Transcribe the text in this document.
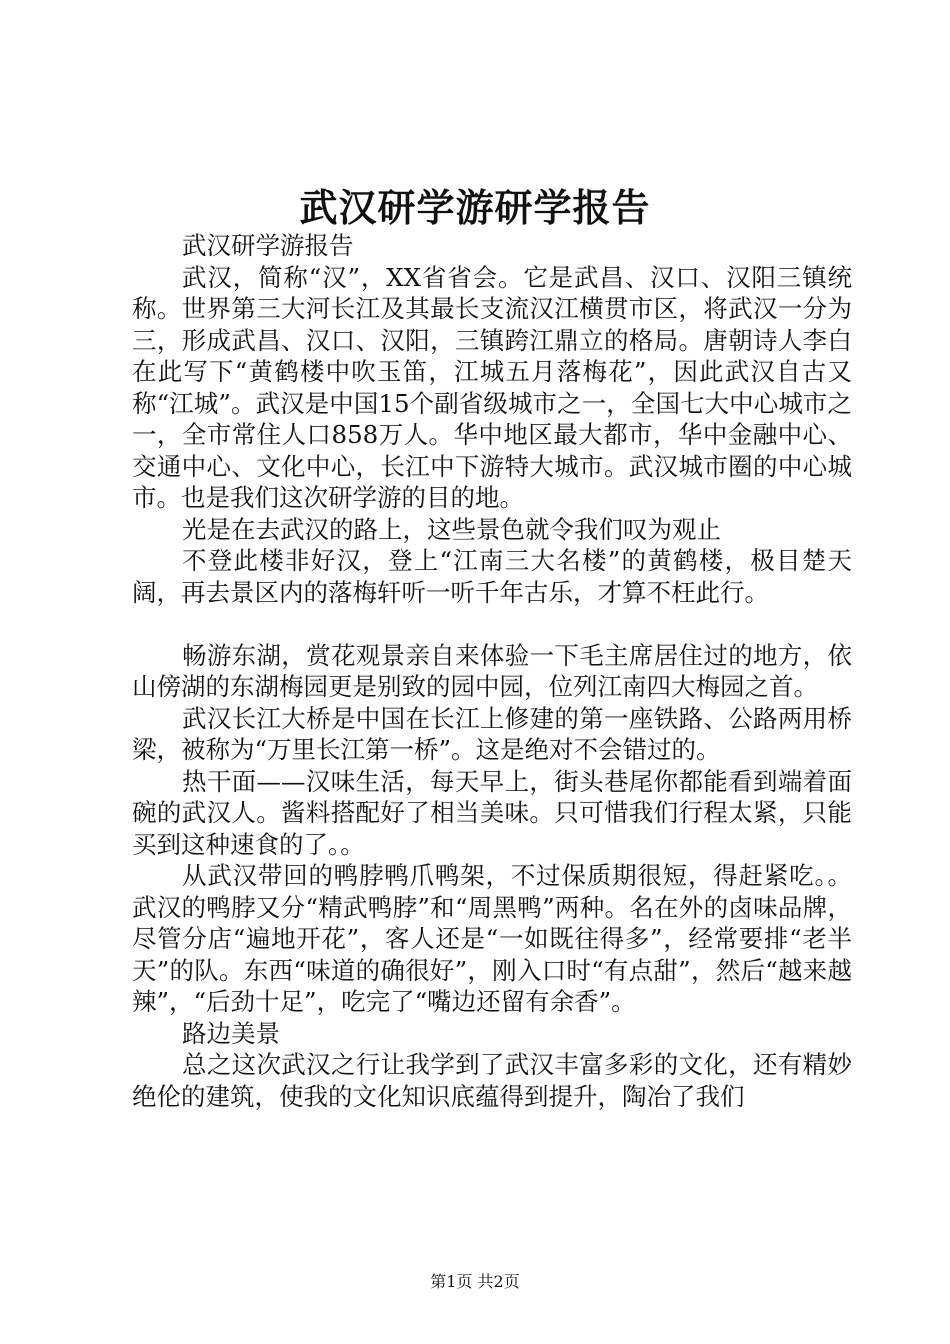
武汉研学游研学报告

武汉研学游报告

武汉，简称“汉”，XX省省会。它是武昌、汉口、汉阳三镇统称。世界第三大河长江及其最长支流汉江横贯市区，将武汉一分为三，形成武昌、汉口、汉阳，三镇跨江鼎立的格局。唐朝诗人李白在此写下“黄鹤楼中吹玉笛，江城五月落梅花”，因此武汉自古又称“江城”。武汉是中国15个副省级城市之一，全国七大中心城市之一，全市常住人口858万人。华中地区最大都市，华中金融中心、交通中心、文化中心，长江中下游特大城市。武汉城市圈的中心城市。也是我们这次研学游的目的地。

光是在去武汉的路上，这些景色就令我们叹为观止

不登此楼非好汉，登上“江南三大名楼”的黄鹤楼，极目楚天阔，再去景区内的落梅轩听一听千年古乐，才算不枉此行。

畅游东湖，赏花观景亲自来体验一下毛主席居住过的地方，依山傍湖的东湖梅园更是别致的园中园，位列江南四大梅园之首。

武汉长江大桥是中国在长江上修建的第一座铁路、公路两用桥梁，被称为“万里长江第一桥”。这是绝对不会错过的。

热干面——汉味生活，每天早上，街头巷尾你都能看到端着面碗的武汉人。酱料搭配好了相当美味。只可惜我们行程太紧，只能买到这种速食的了。。

从武汉带回的鸭脖鸭爪鸭架，不过保质期很短，得赶紧吃。。武汉的鸭脖又分“精武鸭脖”和“周黑鸭”两种。名在外的卤味品牌，尽管分店“遍地开花”，客人还是“一如既往得多”，经常要排“老半天”的队。东西“味道的确很好”，刚入口时“有点甜”，然后“越来越辣”，“后劲十足”，吃完了“嘴边还留有余香”。

路边美景

总之这次武汉之行让我学到了武汉丰富多彩的文化，还有精妙绝伦的建筑，使我的文化知识底蕴得到提升，陶冶了我们

第1页 共2页
